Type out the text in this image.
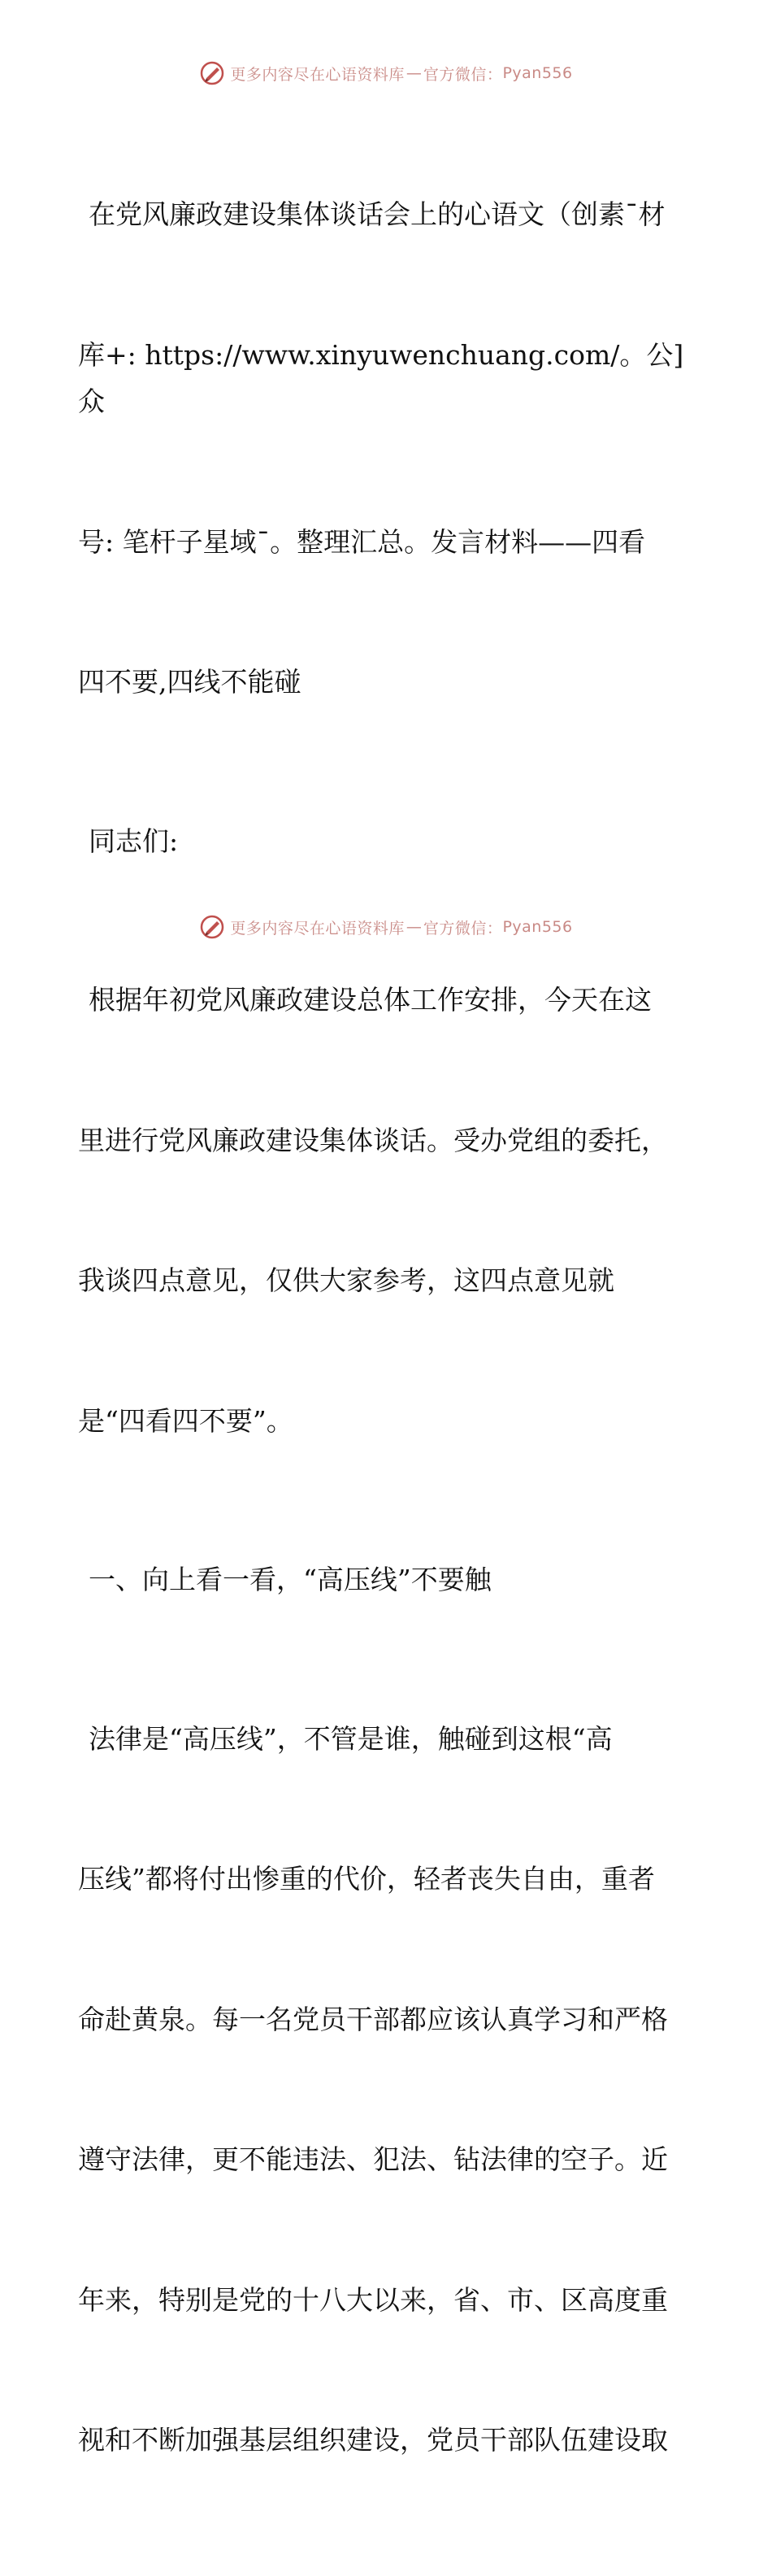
更多内容尽在心语资料库 — 官方微信： Pyan556

在党风廉政建设集体谈话会上的心语文（创素¯材

库+: https://www.xinyuwenchuang.com/。公]众

号: 笔杆子星域¯。整理汇总。发言材料——四看

四不要,四线不能碰

同志们:

根据年初党风廉政建设总体工作安排，今天在这

里进行党风廉政建设集体谈话。受办党组的委托，

我谈四点意见，仅供大家参考，这四点意见就

是“四看四不要”。

一、向上看一看，“高压线”不要触

法律是“高压线”，不管是谁，触碰到这根“高

压线”都将付出惨重的代价，轻者丧失自由，重者

命赴黄泉。每一名党员干部都应该认真学习和严格

遵守法律，更不能违法、犯法、钻法律的空子。近

年来，特别是党的十八大以来，省、市、区高度重

视和不断加强基层组织建设，党员干部队伍建设取

更多内容尽在心语资料库 — 官方微信： Pyan556
